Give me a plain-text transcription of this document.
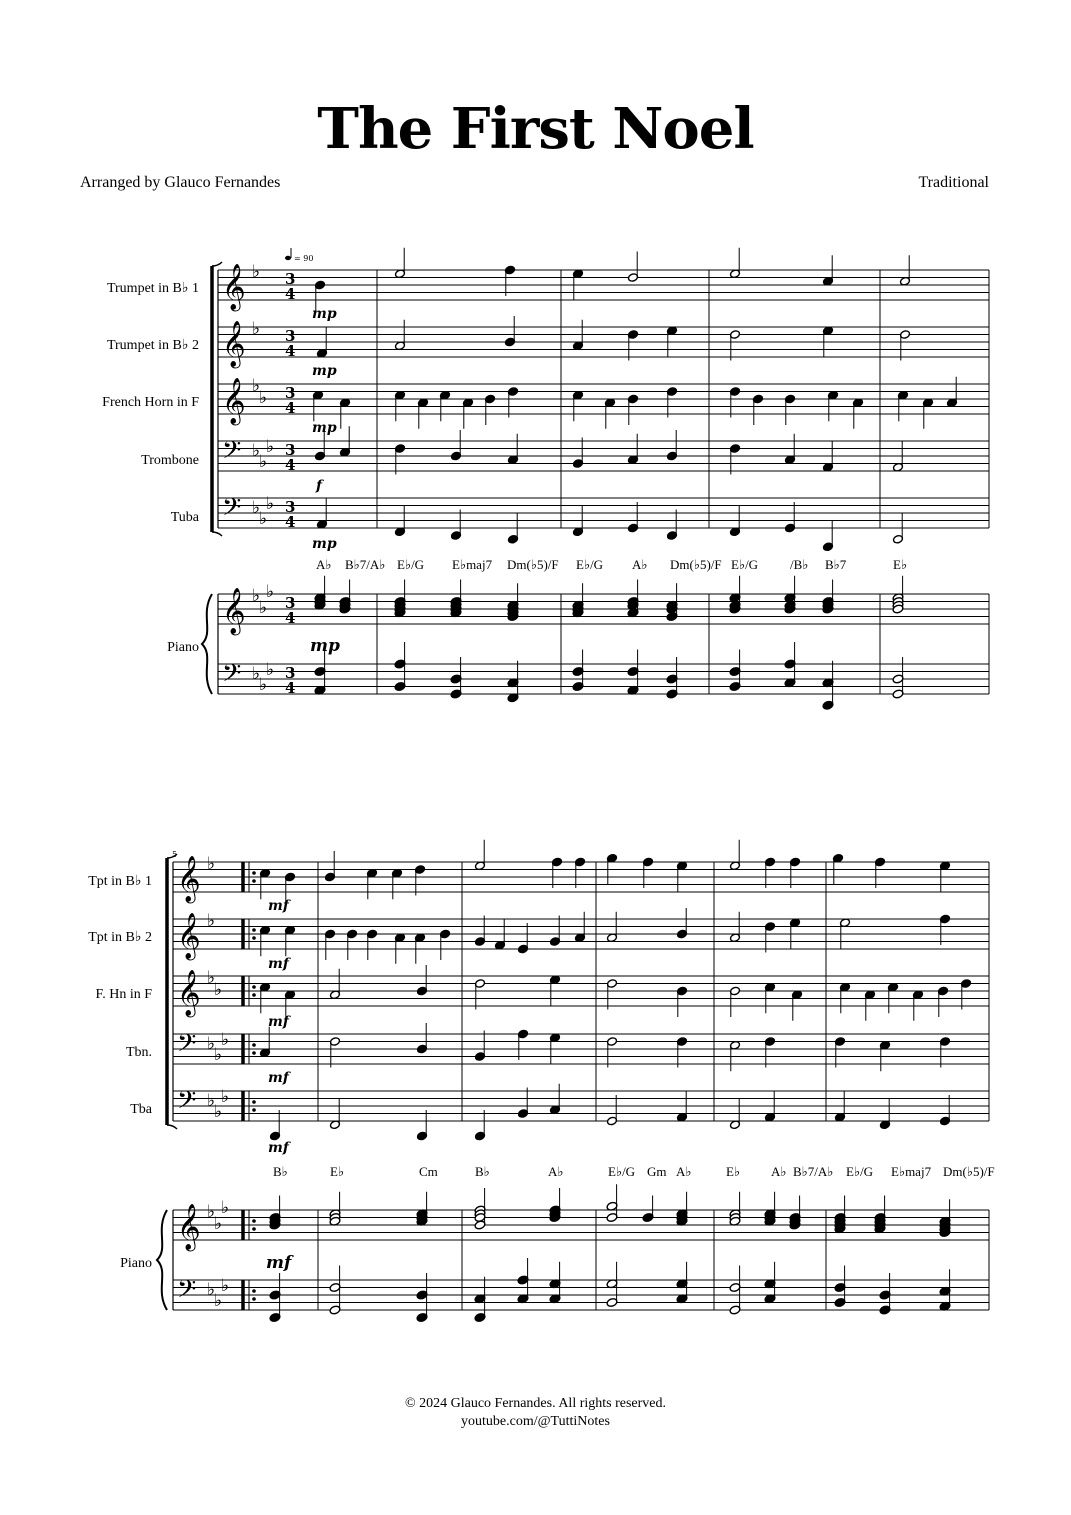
The First Noel
Arranged by Glauco Fernandes	Traditional
𝄞 ♭ 3
4
𝄞 ♭ 3
4
𝄞 ♭
♭ 3
4
𝄢 ♭
♭
♭ 3
4
𝄢 ♭
♭
♭ 3
4
𝄞 ♭
♭
♭
3
4
𝄢 ♭
♭
♭ 3
4
𝄞 ♭
𝄞 ♭
𝄞 ♭
♭
𝄢 ♭
♭
♭
𝄢 ♭
♭
♭
𝄞 ♭
♭
♭
𝄢 ♭
♭
♭
= 90
Trumpet in B♭ 1
Trumpet in B♭ 2
French Horn in F
Trombone
Tuba
Piano
Tpt in B♭ 1
Tpt in B♭ 2
F. Hn in F
Tbn.
Tba
Piano
5
mp
mp
mp
f
mp
mp
mf
mf
mf
mf
mf
mf
A♭ B♭7/A♭ E♭/G E♭maj7 Dm(♭5)/F E♭/G A♭ Dm(♭5)/F E♭/G /B♭ B♭7	E♭
B♭	E♭	Cm	B♭	A♭	E♭/G Gm A♭	E♭ A♭ B♭7/A♭ E♭/G E♭maj7 Dm(♭5)/F
© 2024 Glauco Fernandes. All rights reserved.
youtube.com/@TuttiNotes
